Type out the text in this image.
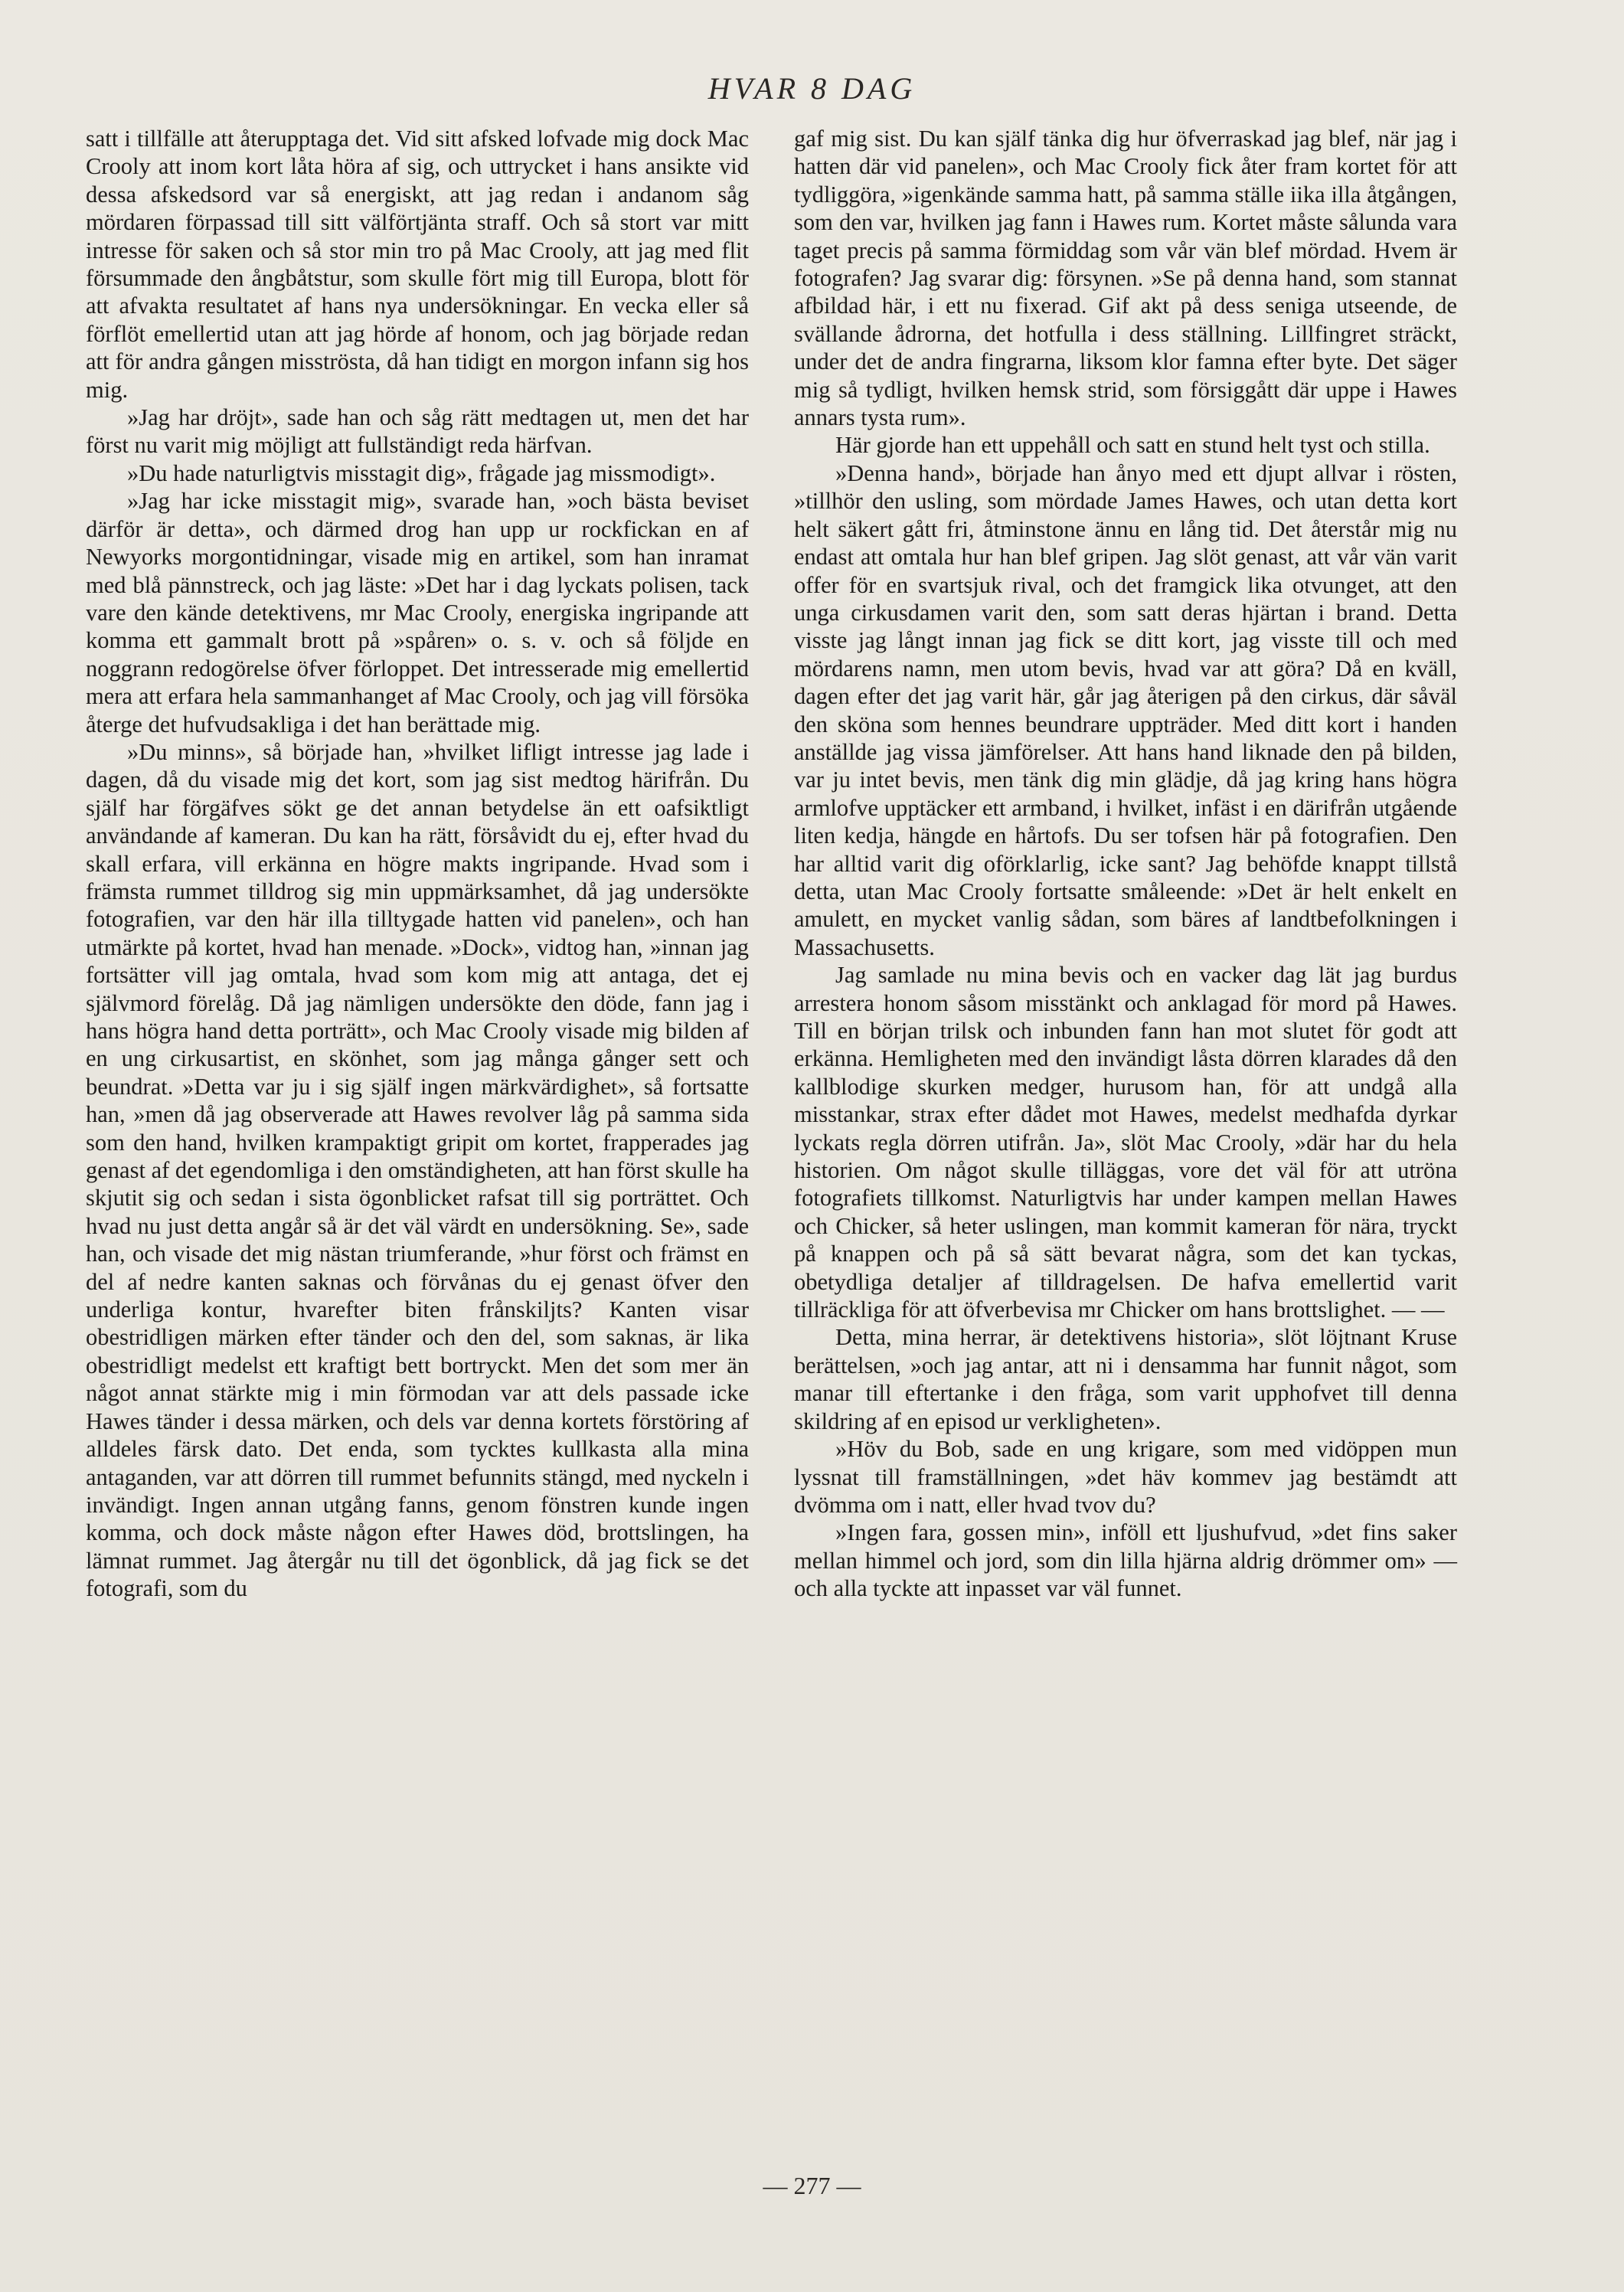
HVAR 8 DAG

satt i tillfälle att återupptaga det. Vid sitt afsked lofvade mig dock Mac Crooly att inom kort låta höra af sig, och uttrycket i hans ansikte vid dessa afskedsord var så energiskt, att jag redan i andanom såg mördaren förpassad till sitt välförtjänta straff. Och så stort var mitt intresse för saken och så stor min tro på Mac Crooly, att jag med flit försummade den ångbåtstur, som skulle fört mig till Europa, blott för att afvakta resultatet af hans nya undersökningar. En vecka eller så förflöt emellertid utan att jag hörde af honom, och jag började redan att för andra gången misströsta, då han tidigt en morgon infann sig hos mig.

»Jag har dröjt», sade han och såg rätt medtagen ut, men det har först nu varit mig möjligt att fullständigt reda härfvan.

»Du hade naturligtvis misstagit dig», frågade jag missmodigt».

»Jag har icke misstagit mig», svarade han, »och bästa beviset därför är detta», och därmed drog han upp ur rockfickan en af Newyorks morgontidningar, visade mig en artikel, som han inramat med blå pännstreck, och jag läste: »Det har i dag lyckats polisen, tack vare den kände detektivens, mr Mac Crooly, energiska ingripande att komma ett gammalt brott på »spåren» o. s. v. och så följde en noggrann redogörelse öfver förloppet. Det intresserade mig emellertid mera att erfara hela sammanhanget af Mac Crooly, och jag vill försöka återge det hufvudsakliga i det han berättade mig.

»Du minns», så började han, »hvilket lifligt intresse jag lade i dagen, då du visade mig det kort, som jag sist medtog härifrån. Du själf har förgäfves sökt ge det annan betydelse än ett oafsiktligt användande af kameran. Du kan ha rätt, försåvidt du ej, efter hvad du skall erfara, vill erkänna en högre makts ingripande. Hvad som i främsta rummet tilldrog sig min uppmärksamhet, då jag undersökte fotografien, var den här illa tilltygade hatten vid panelen», och han utmärkte på kortet, hvad han menade. »Dock», vidtog han, »innan jag fortsätter vill jag omtala, hvad som kom mig att antaga, det ej självmord förelåg. Då jag nämligen undersökte den döde, fann jag i hans högra hand detta porträtt», och Mac Crooly visade mig bilden af en ung cirkusartist, en skönhet, som jag många gånger sett och beundrat. »Detta var ju i sig själf ingen märkvärdighet», så fortsatte han, »men då jag observerade att Hawes revolver låg på samma sida som den hand, hvilken krampaktigt gripit om kortet, frapperades jag genast af det egendomliga i den omständigheten, att han först skulle ha skjutit sig och sedan i sista ögonblicket rafsat till sig porträttet. Och hvad nu just detta angår så är det väl värdt en undersökning. Se», sade han, och visade det mig nästan triumferande, »hur först och främst en del af nedre kanten saknas och förvånas du ej genast öfver den underliga kontur, hvarefter biten frånskiljts? Kanten visar obestridligen märken efter tänder och den del, som saknas, är lika obestridligt medelst ett kraftigt bett bortryckt. Men det som mer än något annat stärkte mig i min förmodan var att dels passade icke Hawes tänder i dessa märken, och dels var denna kortets förstöring af alldeles färsk dato. Det enda, som tycktes kullkasta alla mina antaganden, var att dörren till rummet befunnits stängd, med nyckeln i invändigt. Ingen annan utgång fanns, genom fönstren kunde ingen komma, och dock måste någon efter Hawes död, brottslingen, ha lämnat rummet. Jag återgår nu till det ögonblick, då jag fick se det fotografi, som du

gaf mig sist. Du kan själf tänka dig hur öfverraskad jag blef, när jag i hatten där vid panelen», och Mac Crooly fick åter fram kortet för att tydliggöra, »igenkände samma hatt, på samma ställe iika illa åtgången, som den var, hvilken jag fann i Hawes rum. Kortet måste sålunda vara taget precis på samma förmiddag som vår vän blef mördad. Hvem är fotografen? Jag svarar dig: försynen. »Se på denna hand, som stannat afbildad här, i ett nu fixerad. Gif akt på dess seniga utseende, de svällande ådrorna, det hotfulla i dess ställning. Lillfingret sträckt, under det de andra fingrarna, liksom klor famna efter byte. Det säger mig så tydligt, hvilken hemsk strid, som försiggått där uppe i Hawes annars tysta rum».

Här gjorde han ett uppehåll och satt en stund helt tyst och stilla.

»Denna hand», började han ånyo med ett djupt allvar i rösten, »tillhör den usling, som mördade James Hawes, och utan detta kort helt säkert gått fri, åtminstone ännu en lång tid. Det återstår mig nu endast att omtala hur han blef gripen. Jag slöt genast, att vår vän varit offer för en svartsjuk rival, och det framgick lika otvunget, att den unga cirkusdamen varit den, som satt deras hjärtan i brand. Detta visste jag långt innan jag fick se ditt kort, jag visste till och med mördarens namn, men utom bevis, hvad var att göra? Då en kväll, dagen efter det jag varit här, går jag återigen på den cirkus, där såväl den sköna som hennes beundrare uppträder. Med ditt kort i handen anställde jag vissa jämförelser. Att hans hand liknade den på bilden, var ju intet bevis, men tänk dig min glädje, då jag kring hans högra armlofve upptäcker ett armband, i hvilket, infäst i en därifrån utgående liten kedja, hängde en hårtofs. Du ser tofsen här på fotografien. Den har alltid varit dig oförklarlig, icke sant? Jag behöfde knappt tillstå detta, utan Mac Crooly fortsatte småleende: »Det är helt enkelt en amulett, en mycket vanlig sådan, som bäres af landtbefolkningen i Massachusetts.

Jag samlade nu mina bevis och en vacker dag lät jag burdus arrestera honom såsom misstänkt och anklagad för mord på Hawes. Till en början trilsk och inbunden fann han mot slutet för godt att erkänna. Hemligheten med den invändigt låsta dörren klarades då den kallblodige skurken medger, hurusom han, för att undgå alla misstankar, strax efter dådet mot Hawes, medelst medhafda dyrkar lyckats regla dörren utifrån. Ja», slöt Mac Crooly, »där har du hela historien. Om något skulle tilläggas, vore det väl för att utröna fotografiets tillkomst. Naturligtvis har under kampen mellan Hawes och Chicker, så heter uslingen, man kommit kameran för nära, tryckt på knappen och på så sätt bevarat några, som det kan tyckas, obetydliga detaljer af tilldragelsen. De hafva emellertid varit tillräckliga för att öfverbevisa mr Chicker om hans brottslighet. — —

Detta, mina herrar, är detektivens historia», slöt löjtnant Kruse berättelsen, »och jag antar, att ni i densamma har funnit något, som manar till eftertanke i den fråga, som varit upphofvet till denna skildring af en episod ur verkligheten».

»Höv du Bob, sade en ung krigare, som med vidöppen mun lyssnat till framställningen, »det häv kommev jag bestämdt att dvömma om i natt, eller hvad tvov du?

»Ingen fara, gossen min», inföll ett ljushufvud, »det fins saker mellan himmel och jord, som din lilla hjärna aldrig drömmer om» — och alla tyckte att inpasset var väl funnet.

— 277 —
